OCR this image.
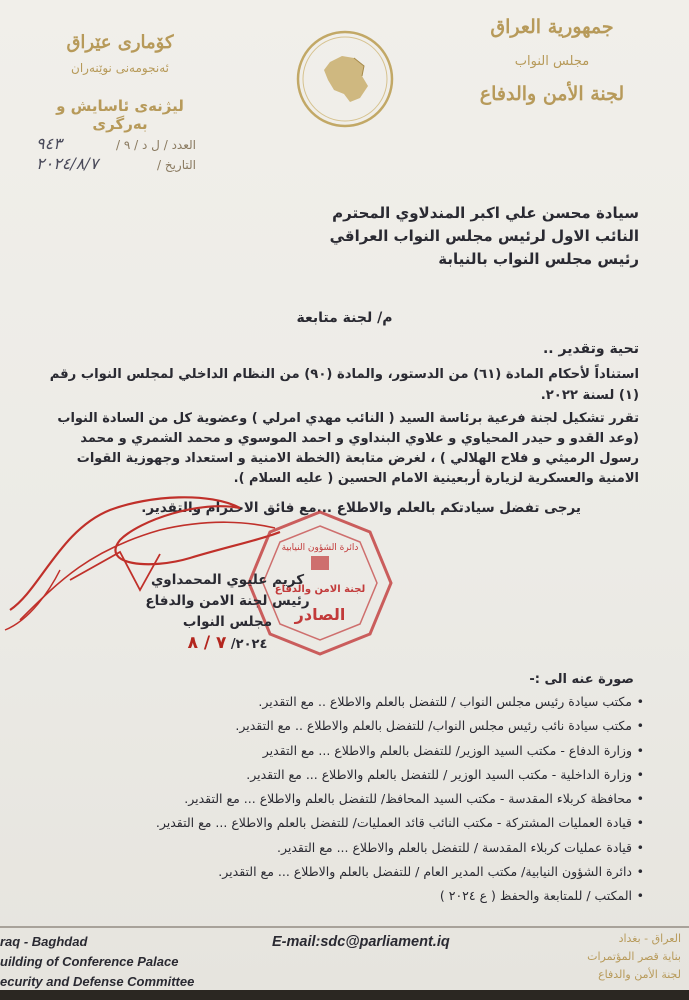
جمهورية العراق
مجلس النواب
لجنة الأمن والدفاع
كۆماری عێراق
ئه‌نجومه‌نی نوێنه‌ران
لیژنه‌ی ئاسایش و به‌رگری
العدد / ل د / ٩ /
٩٤٣
التاريخ /
٢٠٢٤/٨/٧
سيادة محسن علي اكبر المندلاوي المحترم
النائب الاول لرئيس مجلس النواب العراقي
رئيس مجلس النواب بالنيابة
م/ لجنة متابعة
تحية وتقدير ..
استناداً لأحكام المادة (٦١) من الدستور، والمادة (٩٠) من النظام الداخلي لمجلس النواب رقم (١) لسنة ٢٠٢٢.
تقرر تشكيل لجنة فرعية برئاسة السيد ( النائب مهدي امرلي ) وعضوية كل من السادة النواب (وعد القدو و حيدر المحياوي و علاوي البنداوي و احمد الموسوي و محمد الشمري و محمد رسول الرميثي و فلاح الهلالي ) ، لغرض متابعة (الخطة الامنية و استعداد وجهوزية القوات الامنية والعسكرية لزيارة أربعينية الامام الحسين ( عليه السلام ).
يرجى تفضل سيادتكم بالعلم والاطلاع ...مع فائق الاحترام والتقدير.
دائرة الشؤون النيابية
لجنة الامن والدفاع
الصادر
كريم عليوي المحمداوي
رئيس لجنة الامن والدفاع
مجلس النواب
٢٠٢٤/ ٧ / ٨
صورة عنه الى :-
• مكتب سيادة رئيس مجلس النواب / للتفضل بالعلم والاطلاع .. مع التقدير.
• مكتب سيادة نائب رئيس مجلس النواب/ للتفضل بالعلم والاطلاع .. مع التقدير.
• وزارة الدفاع - مكتب السيد الوزير/ للتفضل بالعلم والاطلاع ... مع التقدير
• وزارة الداخلية - مكتب السيد الوزير / للتفضل بالعلم والاطلاع ... مع التقدير.
• محافظة كربلاء المقدسة - مكتب السيد المحافظ/ للتفضل بالعلم والاطلاع ... مع التقدير.
• قيادة العمليات المشتركة - مكتب النائب قائد العمليات/ للتفضل بالعلم والاطلاع ... مع التقدير.
• قيادة عمليات كربلاء المقدسة / للتفضل بالعلم والاطلاع ... مع التقدير.
• دائرة الشؤون النيابية/ مكتب المدير العام / للتفضل بالعلم والاطلاع ... مع التقدير.
• المكتب / للمتابعة والحفظ ( ع ٢٠٢٤ )
raq - Baghdad
uilding of Conference Palace
ecurity and Defense Committee
E-mail:sdc@parliament.iq	العراق - بغداد
بناية قصر المؤتمرات
لجنة الأمن والدفاع
